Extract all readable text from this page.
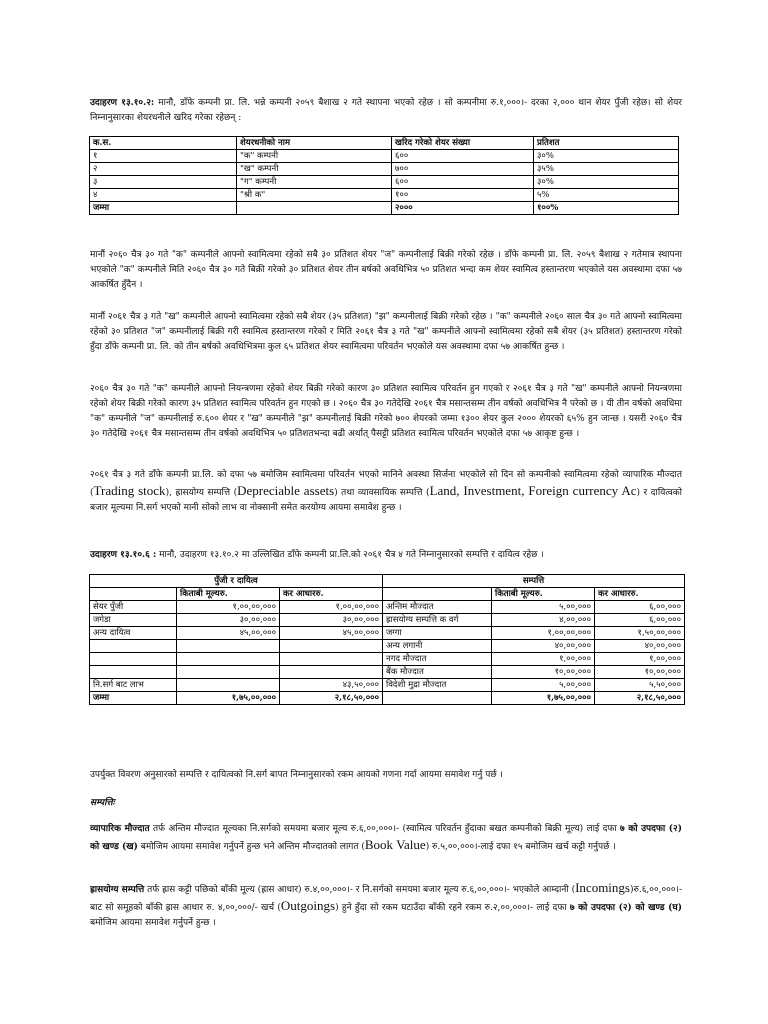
उदाहरण १३.१०.२: मानौ, डाँफे कम्पनी प्रा. लि. भन्ने कम्पनी २०५९ बैशाख २ गते स्थापना भएको रहेछ । सो कम्पनीमा रु.१,०००।- दरका २,००० थान शेयर पुँजी रहेछ। सो शेयर निम्नानुसारका शेयरधनीले खरिद गरेका रहेछन् :
क.स.	शेयरधनीको नाम	खरिद गरेको शेयर संख्या	प्रतिशत
१	"क" कम्पनी	६००	३०%
२	"ख" कम्पनी	७००	३५%
३	"ग" कम्पनी	६००	३०%
४	"श्री क"	१००	५%
जम्मा		२०००	१००%
मानौं २०६० चैत्र ३० गते "क" कम्पनीले आफ्नो स्वामित्वमा रहेको सबै ३० प्रतिशत शेयर "ज" कम्पनीलाई बिक्री गरेको रहेछ । डाँफे कम्पनी प्रा. लि. २०५९ बैशाख २ गतेमात्र स्थापना भएकोले "क" कम्पनीले मिति २०६० चैत्र ३० गते बिक्री गरेको ३० प्रतिशत शेयर तीन बर्षको अवधिभित्र ५० प्रतिशत भन्दा कम शेयर स्वामित्व हस्तान्तरण भएकोले यस अवस्थामा दफा ५७ आकर्षित हुँदैन ।
मानौं २०६१ चैत्र ३ गते "ख" कम्पनीले आफ्नो स्वामित्वमा रहेको सबै शेयर (३५ प्रतिशत) "झ" कम्पनीलाई बिक्री गरेको रहेछ । "क" कम्पनीले २०६० साल चैत्र ३० गते आफ्नो स्वामित्वमा रहेको ३० प्रतिशत "ज" कम्पनीलाई बिक्री गरी स्वामित्व हस्तान्तरण गरेको र मिति २०६१ चैत्र ३ गते "ख" कम्पनीले आफ्नो स्वामित्वमा रहेको सबै शेयर (३५ प्रतिशत) हस्तान्तरण गरेको हुँदा डाँफे कम्पनी प्रा. लि. को तीन बर्षको अवधिभित्रमा कुल ६५ प्रतिशत शेयर स्वामित्वमा परिवर्तन भएकोले यस अवस्थामा दफा ५७ आकर्षित हुन्छ ।
२०६० चैत्र ३० गते "क" कम्पनीले आफ्नो नियन्त्रणमा रहेको शेयर बिक्री गरेको कारण ३० प्रतिशत स्वामित्व परिवर्तन हुन गएको र २०६१ चैत्र ३ गते "ख" कम्पनीले आफ्नो नियन्त्रणमा रहेको शेयर बिक्री गरेको कारण ३५ प्रतिशत स्वामित्व परिवर्तन हुन गएको छ । २०६० चैत्र ३० गतेदेखि २०६१ चैत्र मसान्तसम्म तीन वर्षको अवधिभित्र नै परेको छ । यी तीन वर्षको अवधिमा "क" कम्पनीले "ज" कम्पनीलाई रु.६०० शेयर र "ख" कम्पनीले "झ" कम्पनीलाई बिक्री गरेको ७०० शेयरको जम्मा १३०० शेयर कुल २००० शेयरको ६५% हुन जान्छ । यसरी २०६० चैत्र ३० गतेदेखि २०६१ चैत्र मसान्तसम्म तीन वर्षको अवधिभित्र ५० प्रतिशतभन्दा बढी अर्थात् पैसट्टी प्रतिशत स्वामित्व परिवर्तन भएकोले दफा ५७ आकृष्ट हुन्छ ।
२०६१ चैत्र ३ गते डाँफे कम्पनी प्रा.लि. को दफा ५७ बमोजिम स्वामित्वमा परिवर्तन भएको मानिने अवस्था सिर्जना भएकोले सो दिन सो कम्पनीको स्वामित्वमा रहेको व्यापारिक मौज्दात (Trading stock), ह्रासयोग्य सम्पत्ति (Depreciable assets) तथा व्यावसायिक सम्पत्ति (Land, Investment, Foreign currency Ac) र दायित्वको बजार मूल्यमा नि.सर्ग भएको मानी सोको लाभ वा नोक्सानी समेत करयोग्य आयमा समावेश हुन्छ ।
उदाहरण १३.१०.६ : मानौ, उदाहरण १३.१०.२ मा उल्लिखित डाँफे कम्पनी प्रा.लि.को २०६१ चैत्र ४ गते निम्नानुसारको सम्पत्ति र दायित्व रहेछ ।
पुँजी र दायित्व			सम्पत्ति		
	किताबी मूल्यरु.	कर आधाररु.		किताबी मूल्यरु.	कर आधाररु.
सेयर पुँजी	१,००,००,०००	१,००,००,०००	अन्तिम मौज्दात	५,००,०००	६,००,०००
जगेडा	३०,००,०००	३०,००,०००	ह्रासयोग्य सम्पत्ति क वर्ग	४,००,०००	६,००,०००
अन्य दायित्व	४५,००,०००	४५,००,०००	जग्गा	१,००,००,०००	१,५०,००,०००
			अन्य लगानी	४०,००,०००	४०,००,०००
			नगद मौज्दात	१,००,०००	१,००,०००
			बैंक मौज्दात	१०,००,०००	१०,००,०००
नि.सर्ग बाट लाभ		४३,५०,०००	विदेशी मुद्रा मौज्दात	५,००,०००	५,५०,०००
जम्मा	१,७५,००,०००	२,१८,५०,०००		१,७५,००,०००	२,१८,५०,०००
उपर्युक्त विवरण अनुसारको सम्पत्ति र दायित्वको नि.सर्ग बापत निम्नानुसारको रकम आयको गणना गर्दा आयमा समावेश गर्नु पर्छ ।
सम्पत्तिः
व्यापारिक मौज्दात तर्फ अन्तिम मौज्दात मूल्यका नि.सर्गको समयमा बजार मूल्य रु.६,००,०००।- (स्वामित्व परिवर्तन हुँदाका बखत कम्पनीको बिक्री मूल्य) लाई दफा ७ को उपदफा (२) को खण्ड (ख) बमोजिम आयमा समावेश गर्नुपर्ने हुन्छ भने अन्तिम मौज्दातको लागत (Book Value) रु.५,००,०००।-लाई दफा १५ बमोजिम खर्च कट्टी गर्नुपर्छ ।
ह्रासयोग्य सम्पत्ति तर्फ ह्रास कट्टी पछिको बाँकी मूल्य (ह्रास आधार) रु.४,००,०००।- र नि.सर्गको समयमा बजार मूल्य रु.६,००,०००।- भएकोले आम्दानी (Incomings)रु.६,००,०००।-बाट सो समूहको बाँकी ह्रास आधार रु. ४,००,०००/- खर्च (Outgoings) हुने हुँदा सो रकम घटाउँदा बाँकी रहने रकम रु.२,००,०००।- लाई दफा ७ को उपदफा (२) को खण्ड (घ) बमोजिम आयमा समावेश गर्नुपर्ने हुन्छ ।
